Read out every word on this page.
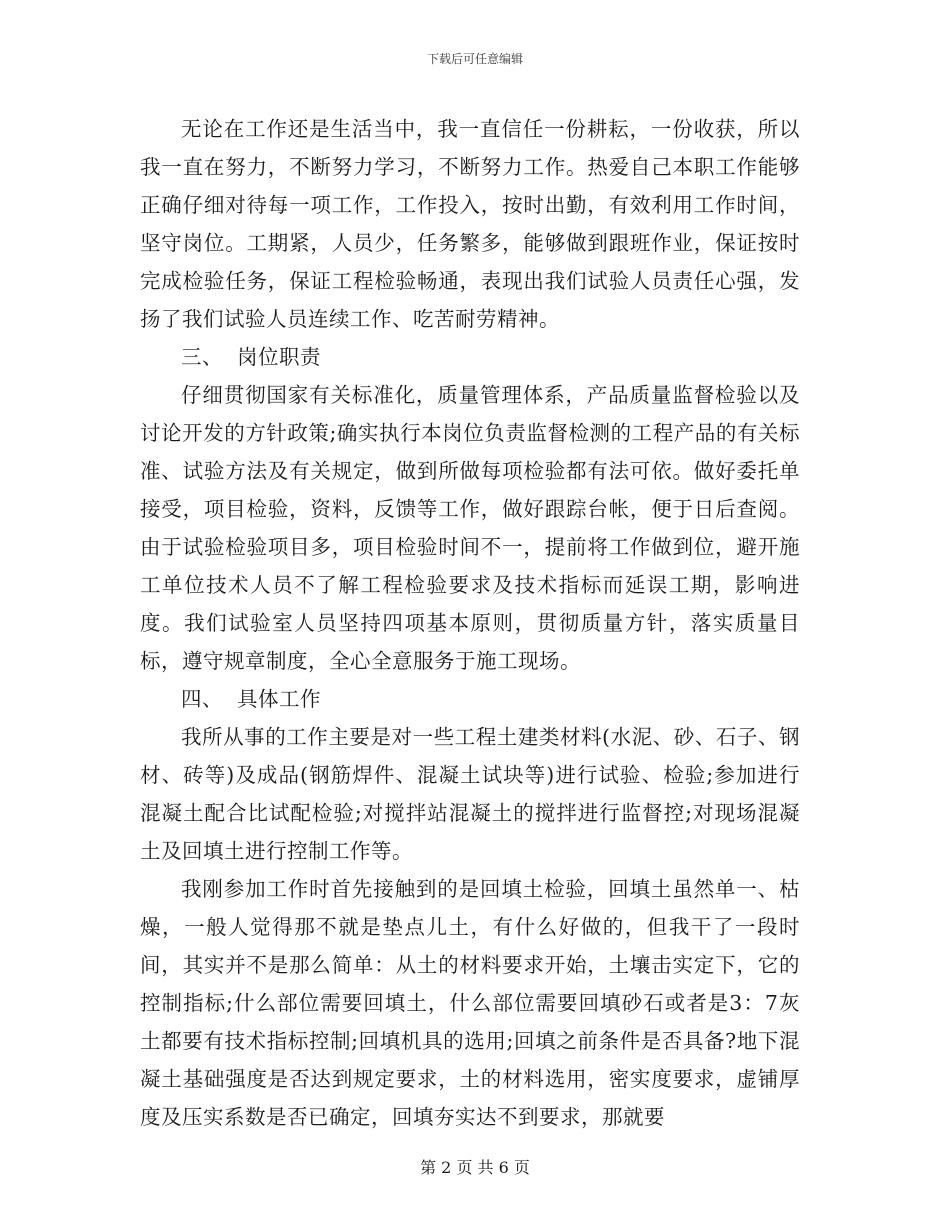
下载后可任意编辑

无论在工作还是生活当中，我一直信任一份耕耘，一份收获，所以我一直在努力，不断努力学习，不断努力工作。热爱自己本职工作能够正确仔细对待每一项工作，工作投入，按时出勤，有效利用工作时间，坚守岗位。工期紧，人员少，任务繁多，能够做到跟班作业，保证按时完成检验任务，保证工程检验畅通，表现出我们试验人员责任心强，发扬了我们试验人员连续工作、吃苦耐劳精神。

三、  岗位职责

仔细贯彻国家有关标准化，质量管理体系，产品质量监督检验以及讨论开发的方针政策;确实执行本岗位负责监督检测的工程产品的有关标准、试验方法及有关规定，做到所做每项检验都有法可依。做好委托单接受，项目检验，资料，反馈等工作，做好跟踪台帐，便于日后查阅。由于试验检验项目多，项目检验时间不一，提前将工作做到位，避开施工单位技术人员不了解工程检验要求及技术指标而延误工期，影响进度。我们试验室人员坚持四项基本原则，贯彻质量方针，落实质量目标，遵守规章制度，全心全意服务于施工现场。

四、  具体工作

我所从事的工作主要是对一些工程土建类材料(水泥、砂、石子、钢材、砖等)及成品(钢筋焊件、混凝土试块等)进行试验、检验;参加进行混凝土配合比试配检验;对搅拌站混凝土的搅拌进行监督控;对现场混凝土及回填土进行控制工作等。

我刚参加工作时首先接触到的是回填土检验，回填土虽然单一、枯燥，一般人觉得那不就是垫点儿土，有什么好做的，但我干了一段时间，其实并不是那么简单：从土的材料要求开始，土壤击实定下，它的控制指标;什么部位需要回填土，什么部位需要回填砂石或者是3：7灰土都要有技术指标控制;回填机具的选用;回填之前条件是否具备?地下混凝土基础强度是否达到规定要求，土的材料选用，密实度要求，虚铺厚度及压实系数是否已确定，回填夯实达不到要求，那就要

第 2 页 共 6 页
